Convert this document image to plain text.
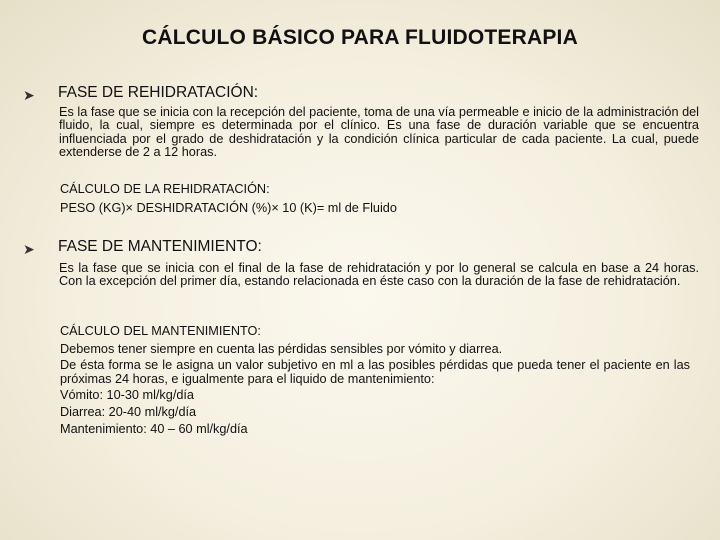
CÁLCULO BÁSICO PARA FLUIDOTERAPIA
➤ FASE DE REHIDRATACIÓN:

Es la fase que se inicia con la recepción del paciente, toma de una vía permeable e inicio de la administración del fluido, la cual, siempre es determinada por el clínico. Es una fase de duración variable que se encuentra influenciada por el grado de deshidratación y la condición clínica particular de cada paciente. La cual, puede extenderse de 2 a 12 horas.

CÁLCULO DE LA REHIDRATACIÓN:
PESO (KG)× DESHIDRATACIÓN (%)× 10 (K)= ml de Fluido
➤ FASE DE MANTENIMIENTO:

Es la fase que se inicia con el final de la fase de rehidratación y por lo general se calcula en base a 24 horas. Con la excepción del primer día, estando relacionada en éste caso con la duración de la fase de rehidratación.

CÁLCULO DEL MANTENIMIENTO:
Debemos tener siempre en cuenta las pérdidas sensibles por vómito y diarrea.
De ésta forma se le asigna un valor subjetivo en ml a las posibles pérdidas que pueda tener el paciente en las próximas 24 horas, e igualmente para el liquido de mantenimiento:
Vómito: 10-30 ml/kg/día
Diarrea: 20-40 ml/kg/día
Mantenimiento: 40 – 60 ml/kg/día
